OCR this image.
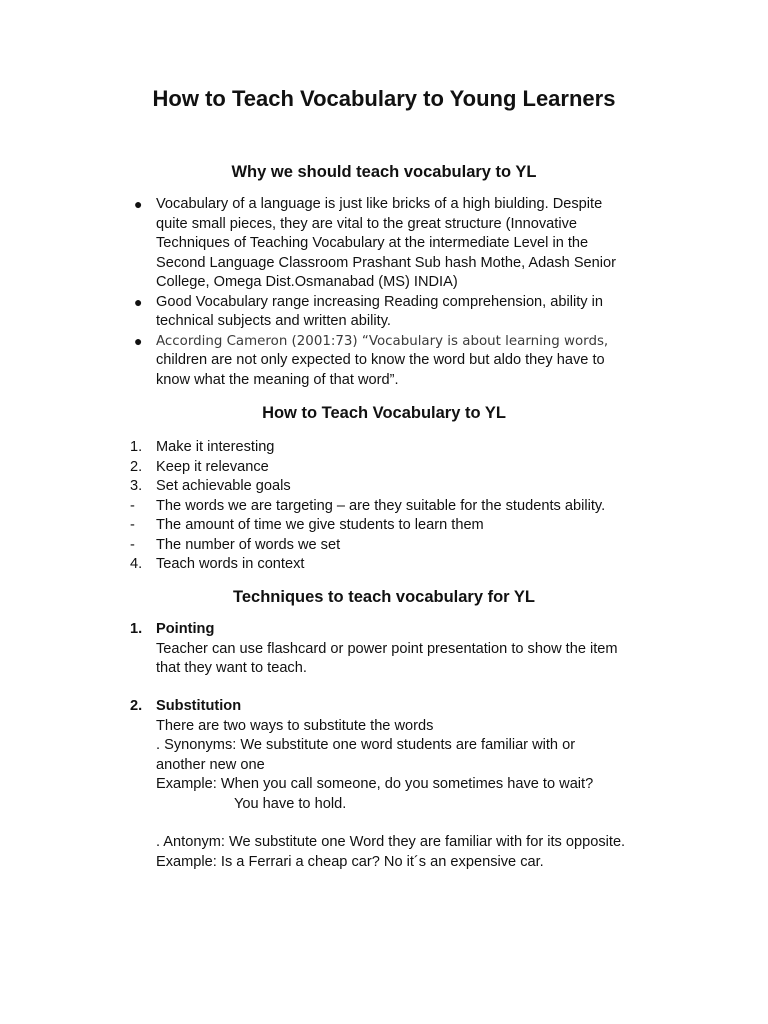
How to Teach Vocabulary to Young Learners
Why we should teach vocabulary to YL
● Vocabulary of a language is just like bricks of a high biulding. Despite
quite small pieces, they are vital to the great structure (Innovative
Techniques of Teaching Vocabulary at the intermediate Level in the
Second Language Classroom Prashant Sub hash Mothe, Adash Senior
College, Omega Dist.Osmanabad (MS) INDIA)
● Good Vocabulary range increasing Reading comprehension, ability in
technical subjects and written ability.
●	According Cameron (2001:73) “Vocabulary is about learning words,
children are not only expected to know the word but aldo they have to
know what the meaning of that word”.
How to Teach Vocabulary to YL
1. Make it interesting
2. Keep it relevance
3. Set achievable goals
-	The words we are targeting – are they suitable for the students ability.
-	The amount of time we give students to learn them
-	The number of words we set
4. Teach words in context
Techniques to teach vocabulary for YL
1. Pointing
Teacher can use flashcard or power point presentation to show the item
that they want to teach.
2. Substitution
There are two ways to substitute the words
. Synonyms: We substitute one word students are familiar with or
another new one
Example: When you call someone, do you sometimes have to wait?
You have to hold.
. Antonym: We substitute one Word they are familiar with for its opposite.
Example: Is a Ferrari a cheap car? No it´s an expensive car.
